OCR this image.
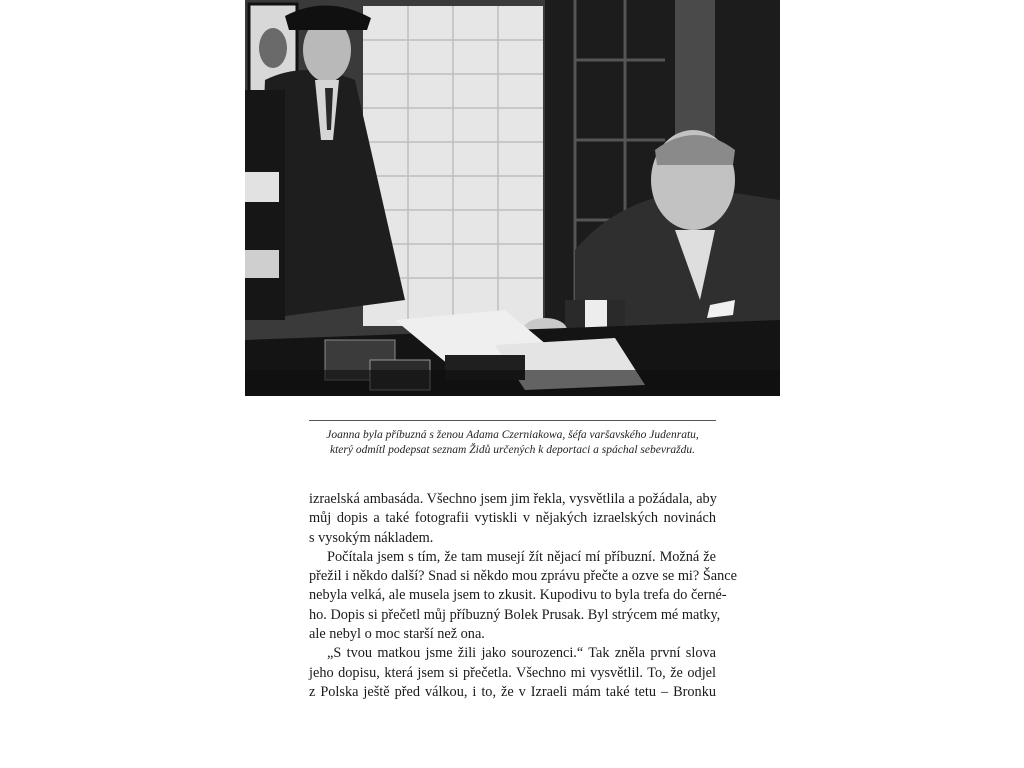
Joanna byla příbuzná s ženou Adama Czerniakowa, šéfa varšavského Judenratu,
který odmítl podepsat seznam Židů určených k deportaci a spáchal sebevraždu.
izraelská ambasáda. Všechno jsem jim řekla, vysvětlila a požádala, aby
můj dopis a také fotografii vytiskli v nějakých izraelských novinách
s vysokým nákladem.
Počítala jsem s tím, že tam musejí žít nějací mí příbuzní. Možná že
přežil i někdo další? Snad si někdo mou zprávu přečte a ozve se mi? Šance
nebyla velká, ale musela jsem to zkusit. Kupodivu to byla trefa do černé-
ho. Dopis si přečetl můj příbuzný Bolek Prusak. Byl strýcem mé matky,
ale nebyl o moc starší než ona.
„S tvou matkou jsme žili jako sourozenci.“ Tak zněla první slova
jeho dopisu, která jsem si přečetla. Všechno mi vysvětlil. To, že odjel
z Polska ještě před válkou, i to, že v Izraeli mám také tetu – Bronku
